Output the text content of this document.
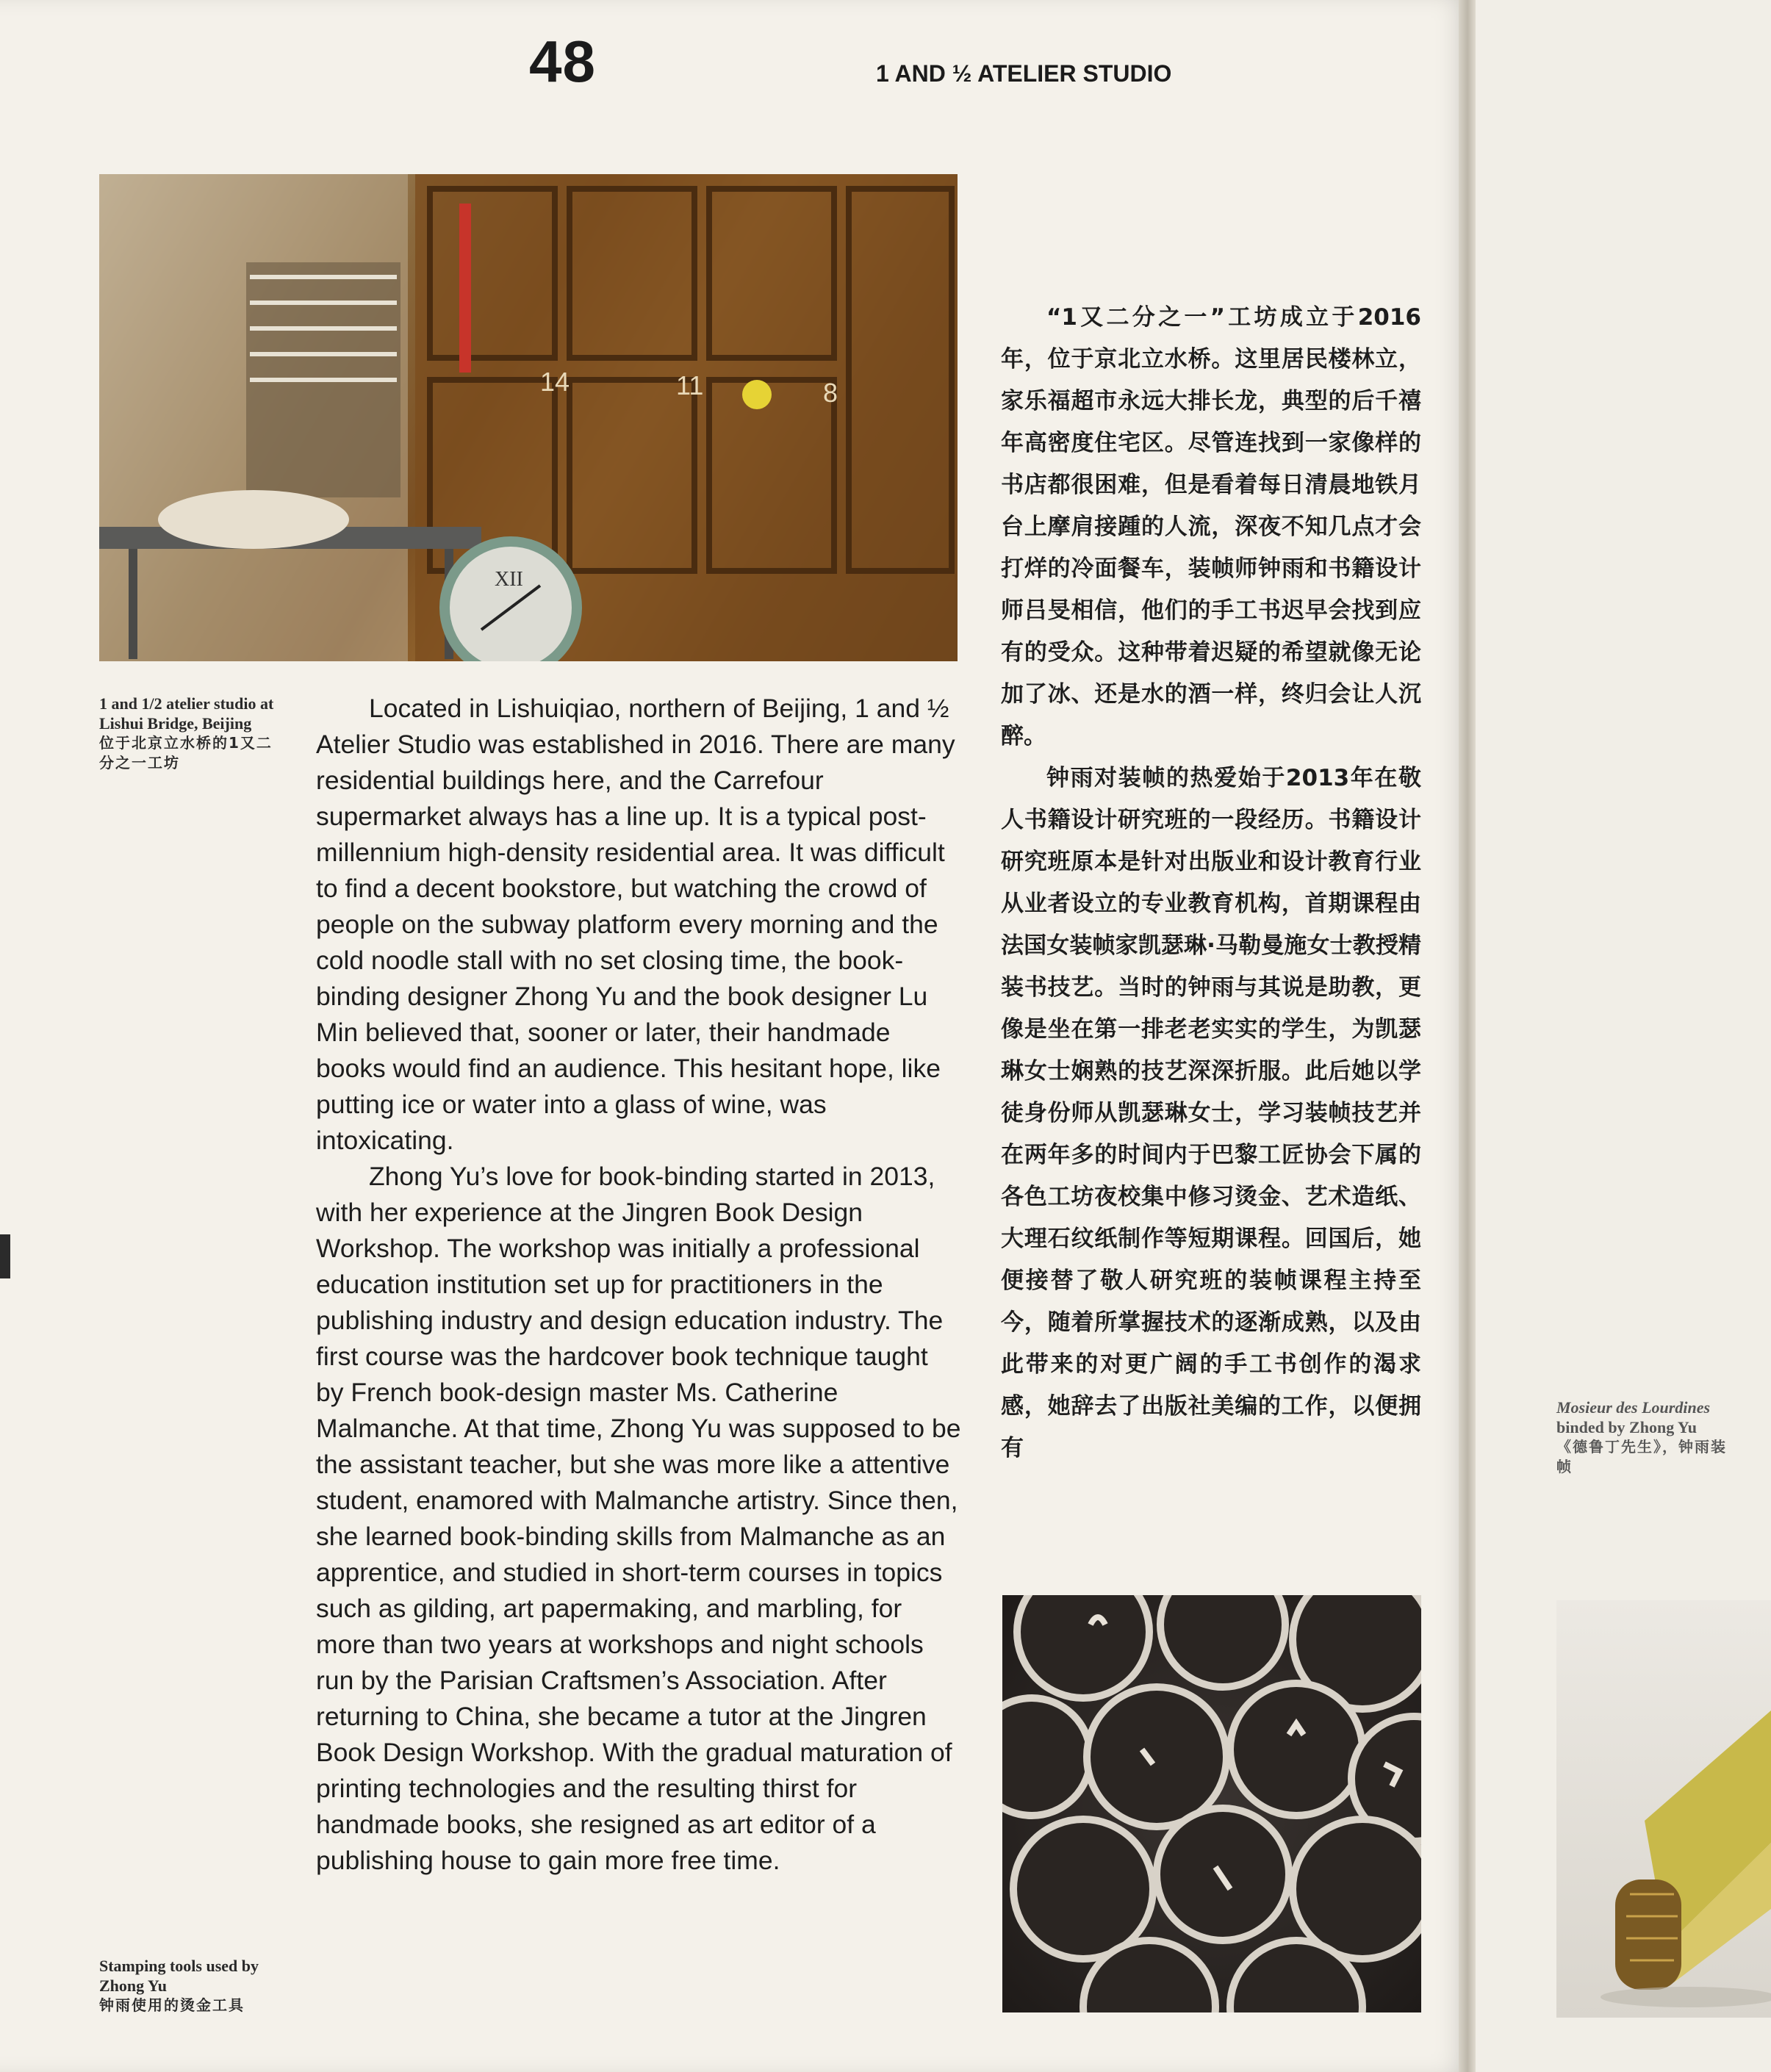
48	1 AND ½ ATELIER STUDIO
14	11	8
XII
1 and 1/2 atelier studio at Lishui Bridge, Beijing
位于北京立水桥的1又二分之一工坊

Located in Lishuiqiao, northern of Beijing, 1 and ½ Atelier Studio was established in 2016. There are many residential buildings here, and the Carrefour supermarket always has a line up. It is a typical post-millennium high-density residential area. It was difficult to find a decent bookstore, but watching the crowd of people on the subway platform every morning and the cold noodle stall with no set closing time, the book-binding designer Zhong Yu and the book designer Lu Min believed that, sooner or later, their handmade books would find an audience. This hesitant hope, like putting ice or water into a glass of wine, was intoxicating.

Zhong Yu’s love for book-binding started in 2013, with her experience at the Jingren Book Design Workshop. The workshop was initially a professional education institution set up for practitioners in the publishing industry and design education industry. The first course was the hardcover book technique taught by French book-design master Ms. Catherine Malmanche. At that time, Zhong Yu was supposed to be the assistant teacher, but she was more like a attentive student, enamored with Malmanche artistry. Since then, she learned book-binding skills from Malmanche as an apprentice, and studied in short-term courses in topics such as gilding, art papermaking, and marbling, for more than two years at workshops and night schools run by the Parisian Craftsmen’s Association. After returning to China, she became a tutor at the Jingren Book Design Workshop. With the gradual maturation of printing technologies and the resulting thirst for handmade books, she resigned as art editor of a publishing house to gain more free time.

“1又二分之一”工坊成立于2016年，位于京北立水桥。这里居民楼林立，家乐福超市永远大排长龙，典型的后千禧年高密度住宅区。尽管连找到一家像样的书店都很困难，但是看着每日清晨地铁月台上摩肩接踵的人流，深夜不知几点才会打烊的冷面餐车，装帧师钟雨和书籍设计师吕旻相信，他们的手工书迟早会找到应有的受众。这种带着迟疑的希望就像无论加了冰、还是水的酒一样，终归会让人沉醉。

钟雨对装帧的热爱始于2013年在敬人书籍设计研究班的一段经历。书籍设计研究班原本是针对出版业和设计教育行业从业者设立的专业教育机构，首期课程由法国女装帧家凯瑟琳·马勒曼施女士教授精装书技艺。当时的钟雨与其说是助教，更像是坐在第一排老老实实的学生，为凯瑟琳女士娴熟的技艺深深折服。此后她以学徒身份师从凯瑟琳女士，学习装帧技艺并在两年多的时间内于巴黎工匠协会下属的各色工坊夜校集中修习烫金、艺术造纸、大理石纹纸制作等短期课程。回国后，她便接替了敬人研究班的装帧课程主持至今，随着所掌握技术的逐渐成熟，以及由此带来的对更广阔的手工书创作的渴求感，她辞去了出版社美编的工作，以便拥有

Stamping tools used by Zhong Yu
钟雨使用的烫金工具
Mosieur des Lourdines
binded by Zhong Yu
《德鲁丁先生》，钟雨装帧
